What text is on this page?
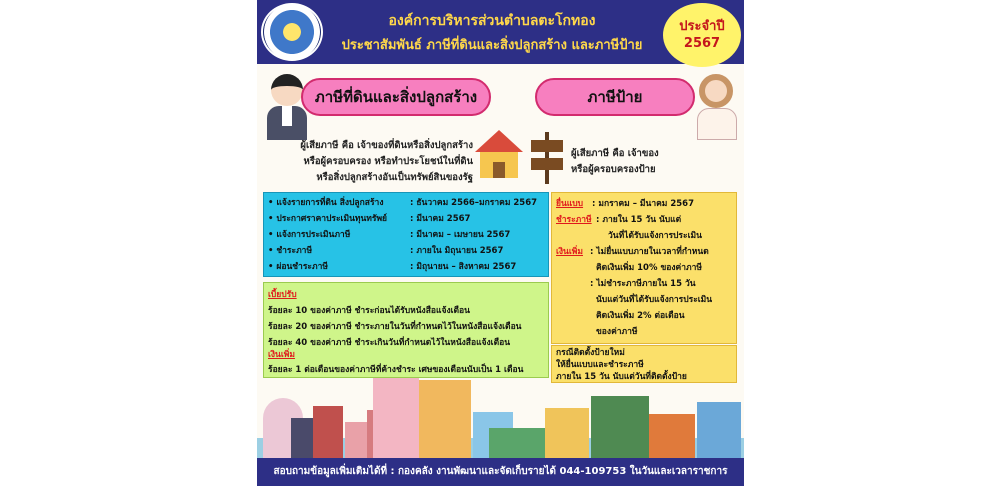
องค์การบริหารส่วนตำบลตะโกทอง
ประชาสัมพันธ์ ภาษีที่ดินและสิ่งปลูกสร้าง และภาษีป้าย
ประจำปี
2567
ภาษีที่ดินและสิ่งปลูกสร้าง	ภาษีป้าย
ผู้เสียภาษี คือ เจ้าของที่ดินหรือสิ่งปลูกสร้าง
หรือผู้ครอบครอง หรือทำประโยชน์ในที่ดิน
หรือสิ่งปลูกสร้างอันเป็นทรัพย์สินของรัฐ
ผู้เสียภาษี คือ เจ้าของ
หรือผู้ครอบครองป้าย
• แจ้งรายการที่ดิน สิ่งปลูกสร้าง	: ธันวาคม 2566–มกราคม 2567
• ประกาศราคาประเมินทุนทรัพย์	: มีนาคม 2567
• แจ้งการประเมินภาษี	: มีนาคม – เมษายน 2567
• ชำระภาษี	: ภายใน มิถุนายน 2567
• ผ่อนชำระภาษี	: มิถุนายน – สิงหาคม 2567
ยื่นแบบ : มกราคม – มีนาคม 2567
ชำระภาษี : ภายใน 15 วัน นับแต่
วันที่ได้รับแจ้งการประเมิน
เงินเพิ่ม : ไม่ยื่นแบบภายในเวลาที่กำหนด
คิดเงินเพิ่ม 10% ของค่าภาษี
: ไม่ชำระภาษีภายใน 15 วัน
นับแต่วันที่ได้รับแจ้งการประเมิน
คิดเงินเพิ่ม 2% ต่อเดือน
ของค่าภาษี
เบี้ยปรับ
ร้อยละ 10 ของค่าภาษี ชำระก่อนได้รับหนังสือแจ้งเตือน
ร้อยละ 20 ของค่าภาษี ชำระภายในวันที่กำหนดไว้ในหนังสือแจ้งเตือน
ร้อยละ 40 ของค่าภาษี ชำระเกินวันที่กำหนดไว้ในหนังสือแจ้งเตือน
เงินเพิ่ม
ร้อยละ 1 ต่อเดือนของค่าภาษีที่ค้างชำระ เศษของเดือนนับเป็น 1 เดือน
กรณีติดตั้งป้ายใหม่
ให้ยื่นแบบและชำระภาษี
ภายใน 15 วัน นับแต่วันที่ติดตั้งป้าย
สอบถามข้อมูลเพิ่มเติมได้ที่ : กองคลัง งานพัฒนาและจัดเก็บรายได้ 044-109753 ในวันและเวลาราชการ
